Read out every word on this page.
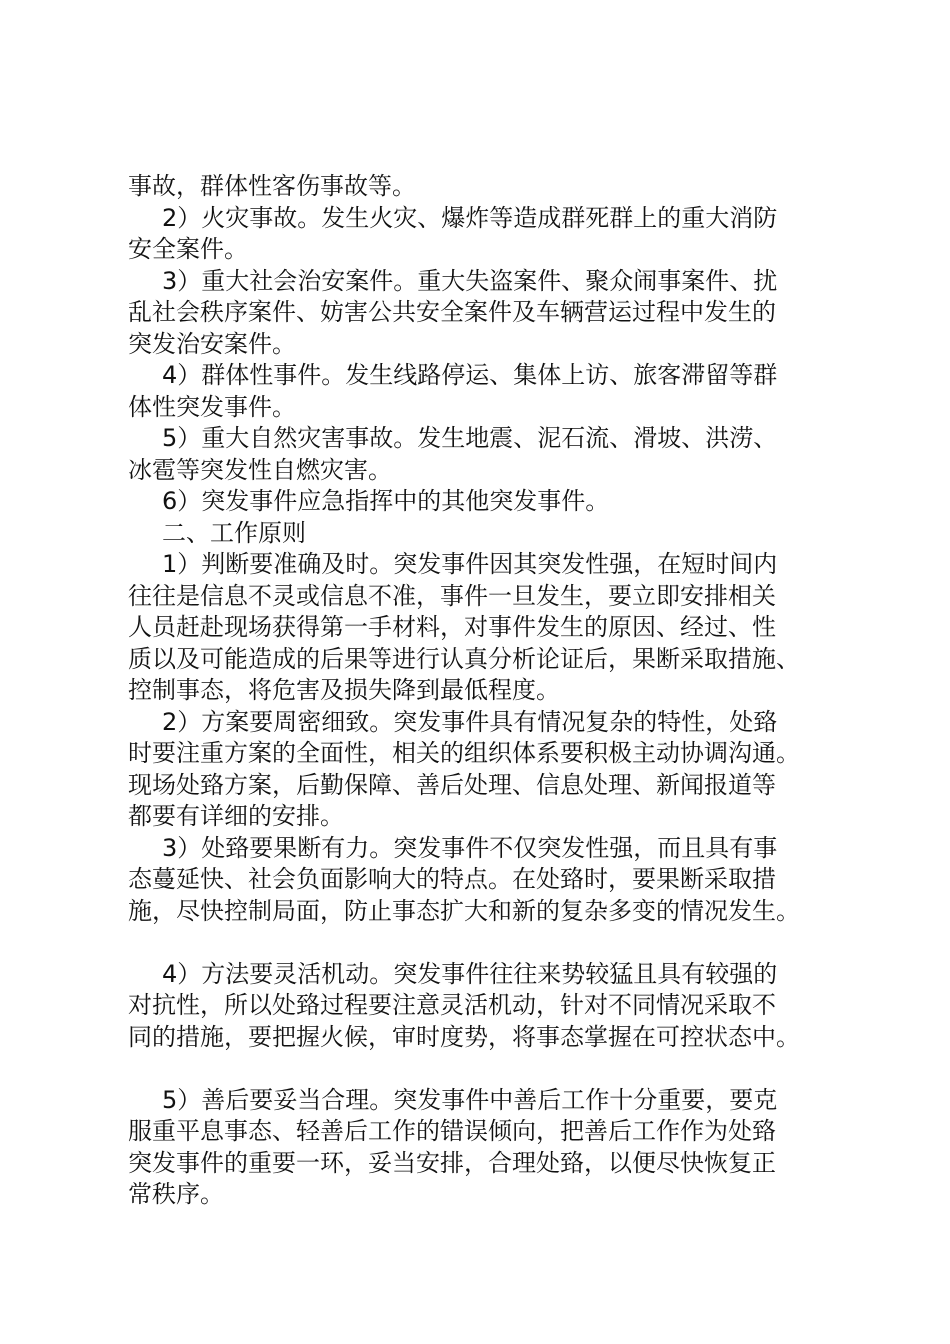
事故，群体性客伤事故等。
2）火灾事故。发生火灾、爆炸等造成群死群上的重大消防
安全案件。
3）重大社会治安案件。重大失盗案件、聚众闹事案件、扰
乱社会秩序案件、妨害公共安全案件及车辆营运过程中发生的
突发治安案件。
4）群体性事件。发生线路停运、集体上访、旅客滞留等群
体性突发事件。
5）重大自然灾害事故。发生地震、泥石流、滑坡、洪涝、
冰雹等突发性自燃灾害。
6）突发事件应急指挥中的其他突发事件。
二、工作原则
1）判断要准确及时。突发事件因其突发性强，在短时间内
往往是信息不灵或信息不准，事件一旦发生，要立即安排相关
人员赶赴现场获得第一手材料，对事件发生的原因、经过、性
质以及可能造成的后果等进行认真分析论证后，果断采取措施、
控制事态，将危害及损失降到最低程度。
2）方案要周密细致。突发事件具有情况复杂的特性，处臵
时要注重方案的全面性，相关的组织体系要积极主动协调沟通。
现场处臵方案，后勤保障、善后处理、信息处理、新闻报道等
都要有详细的安排。
3）处臵要果断有力。突发事件不仅突发性强，而且具有事
态蔓延快、社会负面影响大的特点。在处臵时，要果断采取措
施，尽快控制局面，防止事态扩大和新的复杂多变的情况发生。
4）方法要灵活机动。突发事件往往来势较猛且具有较强的
对抗性，所以处臵过程要注意灵活机动，针对不同情况采取不
同的措施，要把握火候，审时度势，将事态掌握在可控状态中。
5）善后要妥当合理。突发事件中善后工作十分重要，要克
服重平息事态、轻善后工作的错误倾向，把善后工作作为处臵
突发事件的重要一环，妥当安排，合理处臵，以便尽快恢复正
常秩序。
